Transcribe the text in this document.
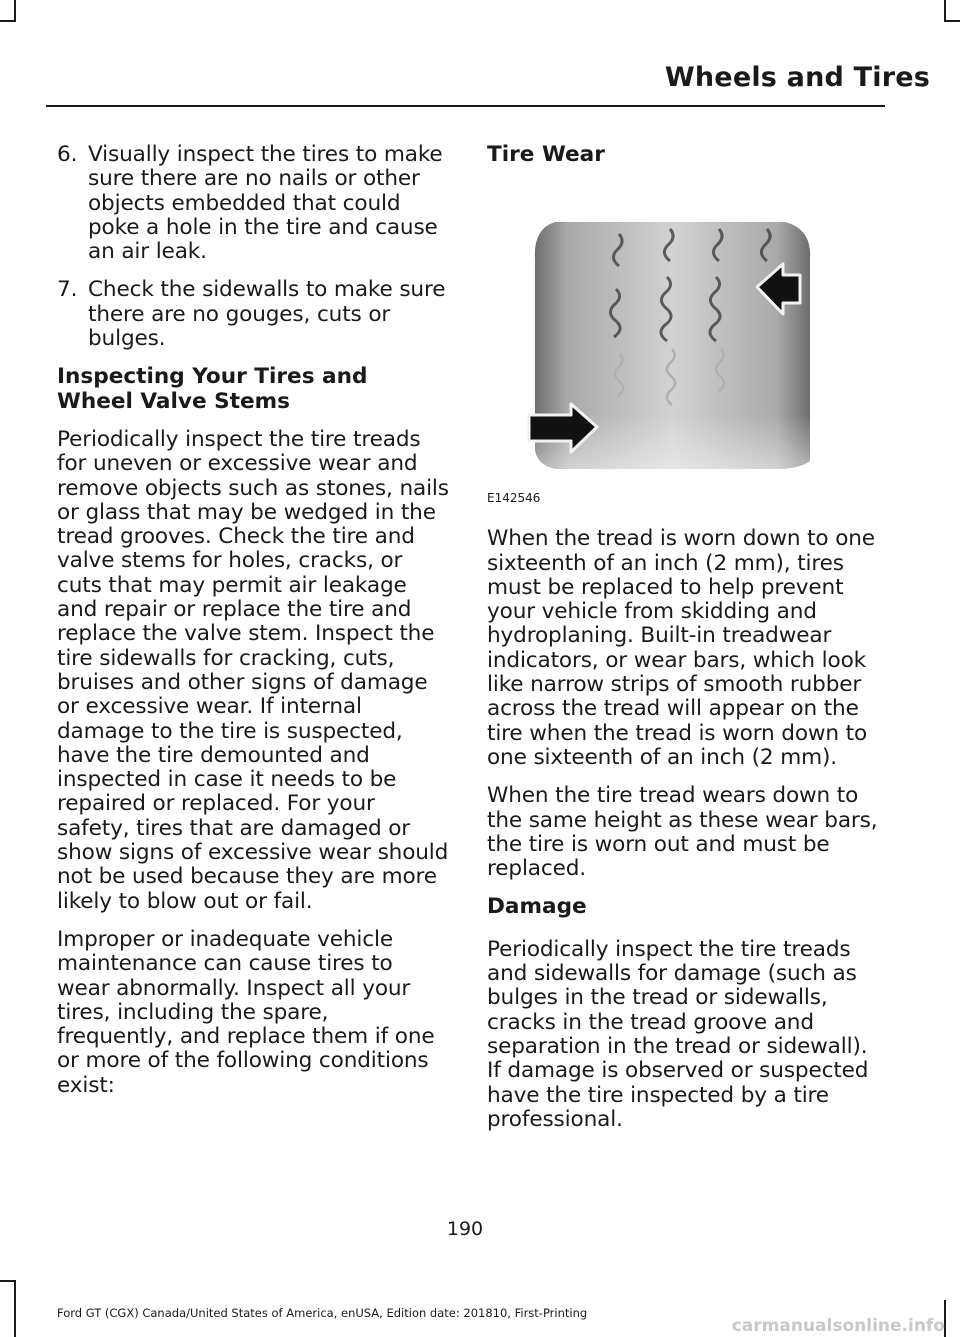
Wheels and Tires
6. Visually inspect the tires to make sure there are no nails or other objects embedded that could poke a hole in the tire and cause an air leak.
7. Check the sidewalls to make sure there are no gouges, cuts or bulges.
Inspecting Your Tires and Wheel Valve Stems

Periodically inspect the tire treads for uneven or excessive wear and remove objects such as stones, nails or glass that may be wedged in the tread grooves. Check the tire and valve stems for holes, cracks, or cuts that may permit air leakage and repair or replace the tire and replace the valve stem. Inspect the tire sidewalls for cracking, cuts, bruises and other signs of damage or excessive wear. If internal damage to the tire is suspected, have the tire demounted and inspected in case it needs to be repaired or replaced. For your safety, tires that are damaged or show signs of excessive wear should not be used because they are more likely to blow out or fail.

Improper or inadequate vehicle maintenance can cause tires to wear abnormally. Inspect all your tires, including the spare, frequently, and replace them if one or more of the following conditions exist:

Tire Wear
E142546

When the tread is worn down to one sixteenth of an inch (2 mm), tires must be replaced to help prevent your vehicle from skidding and hydroplaning. Built-in treadwear indicators, or wear bars, which look like narrow strips of smooth rubber across the tread will appear on the tire when the tread is worn down to one sixteenth of an inch (2 mm).

When the tire tread wears down to the same height as these wear bars, the tire is worn out and must be replaced.

Damage

Periodically inspect the tire treads and sidewalls for damage (such as bulges in the tread or sidewalls, cracks in the tread groove and separation in the tread or sidewall). If damage is observed or suspected have the tire inspected by a tire professional.

190
Ford GT (CGX) Canada/United States of America, enUSA, Edition date: 201810, First-Printing
carmanualsonline.info
